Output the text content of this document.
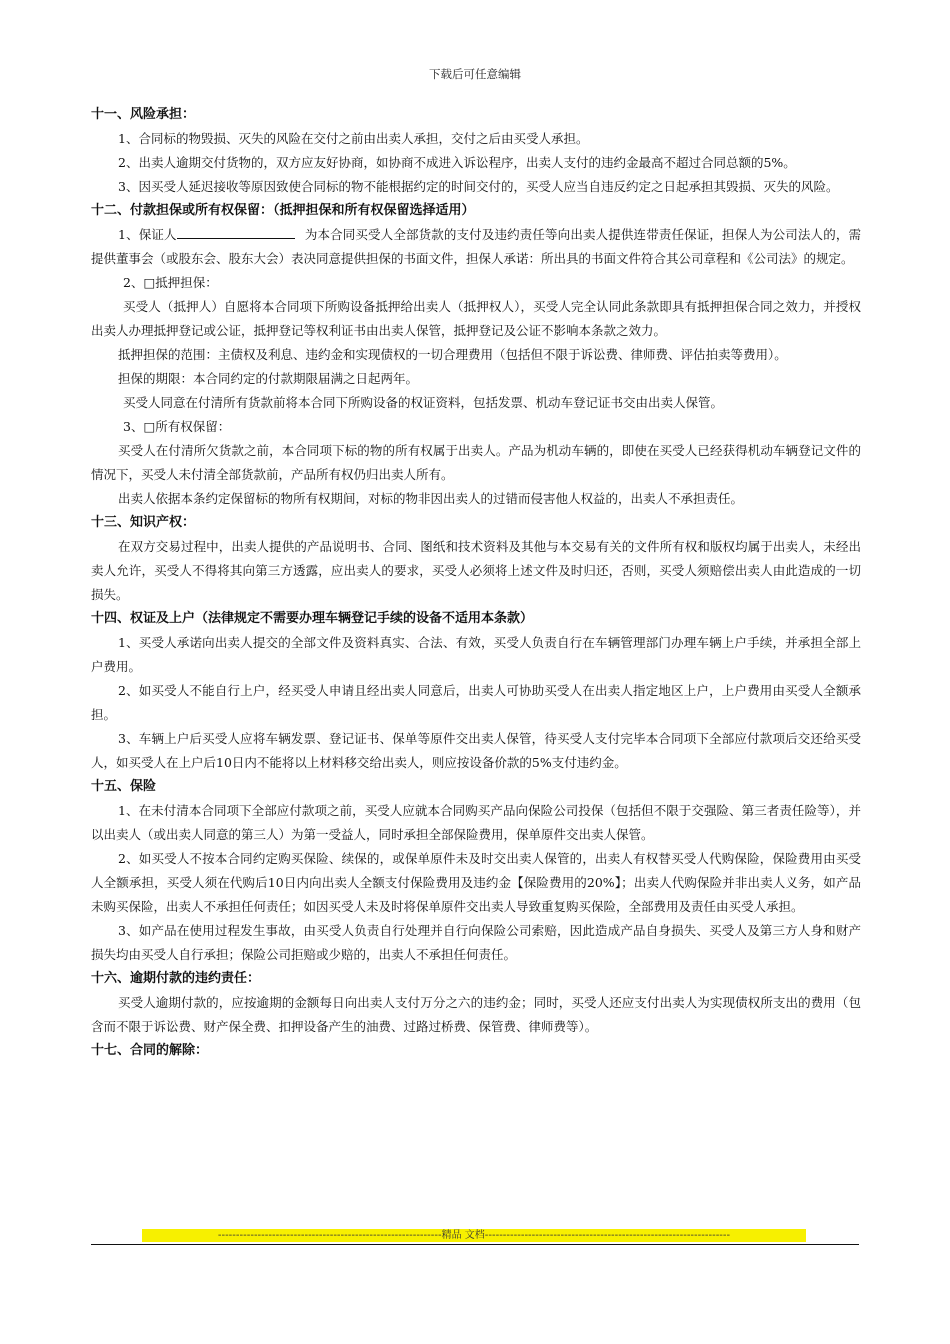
下载后可任意编辑

十一、风险承担：

1、合同标的物毁损、灭失的风险在交付之前由出卖人承担，交付之后由买受人承担。

2、出卖人逾期交付货物的，双方应友好协商，如协商不成进入诉讼程序，出卖人支付的违约金最高不超过合同总额的5%。

3、因买受人延迟接收等原因致使合同标的物不能根据约定的时间交付的，买受人应当自违反约定之日起承担其毁损、灭失的风险。

十二、付款担保或所有权保留：（抵押担保和所有权保留选择适用）

1、保证人	为本合同买受人全部货款的支付及违约责任等向出卖人提供连带责任保证，担保人为公司法人的，需提供董事会（或股东会、股东大会）表决同意提供担保的书面文件，担保人承诺：所出具的书面文件符合其公司章程和《公司法》的规定。

2、□抵押担保：

买受人（抵押人）自愿将本合同项下所购设备抵押给出卖人（抵押权人），买受人完全认同此条款即具有抵押担保合同之效力，并授权出卖人办理抵押登记或公证，抵押登记等权利证书由出卖人保管，抵押登记及公证不影响本条款之效力。

抵押担保的范围：主债权及利息、违约金和实现债权的一切合理费用（包括但不限于诉讼费、律师费、评估拍卖等费用）。

担保的期限：本合同约定的付款期限届满之日起两年。

买受人同意在付清所有货款前将本合同下所购设备的权证资料，包括发票、机动车登记证书交由出卖人保管。

3、□所有权保留：

买受人在付清所欠货款之前，本合同项下标的物的所有权属于出卖人。产品为机动车辆的，即使在买受人已经获得机动车辆登记文件的情况下，买受人未付清全部货款前，产品所有权仍归出卖人所有。

出卖人依据本条约定保留标的物所有权期间，对标的物非因出卖人的过错而侵害他人权益的，出卖人不承担责任。

十三、知识产权：

在双方交易过程中，出卖人提供的产品说明书、合同、图纸和技术资料及其他与本交易有关的文件所有权和版权均属于出卖人，未经出卖人允许，买受人不得将其向第三方透露，应出卖人的要求，买受人必须将上述文件及时归还，否则，买受人须赔偿出卖人由此造成的一切损失。

十四、权证及上户（法律规定不需要办理车辆登记手续的设备不适用本条款）

1、买受人承诺向出卖人提交的全部文件及资料真实、合法、有效，买受人负责自行在车辆管理部门办理车辆上户手续，并承担全部上户费用。

2、如买受人不能自行上户，经买受人申请且经出卖人同意后，出卖人可协助买受人在出卖人指定地区上户，上户费用由买受人全额承担。

3、车辆上户后买受人应将车辆发票、登记证书、保单等原件交出卖人保管，待买受人支付完毕本合同项下全部应付款项后交还给买受人，如买受人在上户后10日内不能将以上材料移交给出卖人，则应按设备价款的5%支付违约金。

十五、保险

1、在未付清本合同项下全部应付款项之前，买受人应就本合同购买产品向保险公司投保（包括但不限于交强险、第三者责任险等），并以出卖人（或出卖人同意的第三人）为第一受益人，同时承担全部保险费用，保单原件交出卖人保管。

2、如买受人不按本合同约定购买保险、续保的，或保单原件未及时交出卖人保管的，出卖人有权替买受人代购保险，保险费用由买受人全额承担，买受人须在代购后10日内向出卖人全额支付保险费用及违约金【保险费用的20%】；出卖人代购保险并非出卖人义务，如产品未购买保险，出卖人不承担任何责任；如因买受人未及时将保单原件交出卖人导致重复购买保险，全部费用及责任由买受人承担。

3、如产品在使用过程发生事故，由买受人负责自行处理并自行向保险公司索赔，因此造成产品自身损失、买受人及第三方人身和财产损失均由买受人自行承担；保险公司拒赔或少赔的，出卖人不承担任何责任。

十六、逾期付款的违约责任：

买受人逾期付款的，应按逾期的金额每日向出卖人支付万分之六的违约金；同时，买受人还应支付出卖人为实现债权所支出的费用（包含而不限于诉讼费、财产保全费、扣押设备产生的油费、过路过桥费、保管费、律师费等）。

十七、合同的解除：

--------------------------------------------------------------精品 文档--------------------------------------------------------------------
